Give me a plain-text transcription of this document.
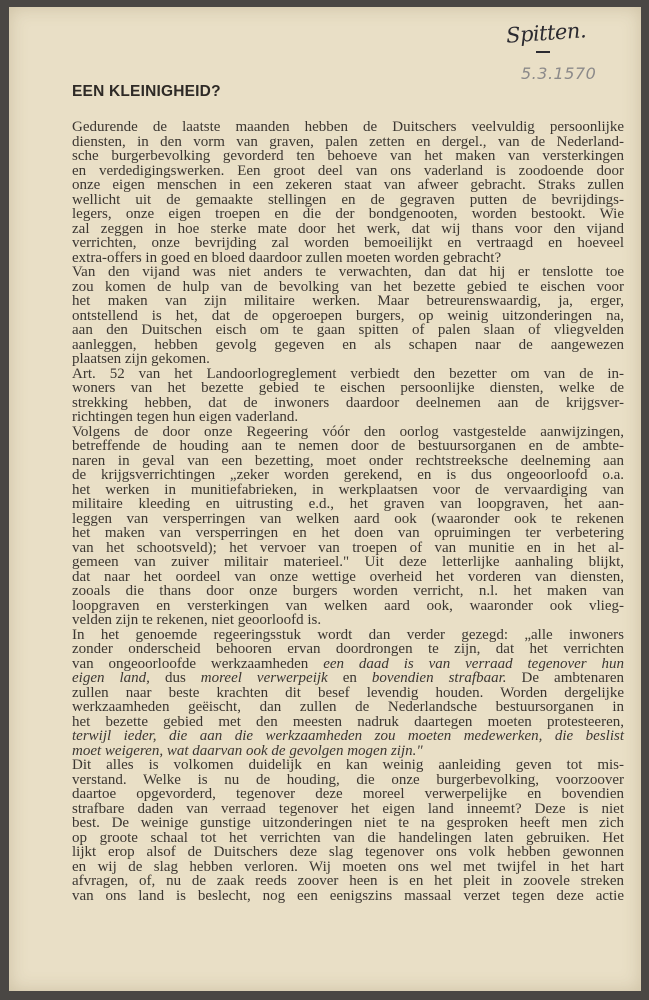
Spitten.
5.3.1570
EEN KLEINIGHEID?
Gedurende de laatste maanden hebben de Duitschers veelvuldig persoonlijke
diensten, in den vorm van graven, palen zetten en dergel., van de Nederland-
sche burgerbevolking gevorderd ten behoeve van het maken van versterkingen
en verdedigingswerken. Een groot deel van ons vaderland is zoodoende door
onze eigen menschen in een zekeren staat van afweer gebracht. Straks zullen
wellicht uit de gemaakte stellingen en de gegraven putten de bevrijdings-
legers, onze eigen troepen en die der bondgenooten, worden bestookt. Wie
zal zeggen in hoe sterke mate door het werk, dat wij thans voor den vijand
verrichten, onze bevrijding zal worden bemoeilijkt en vertraagd en hoeveel
extra-offers in goed en bloed daardoor zullen moeten worden gebracht?
Van den vijand was niet anders te verwachten, dan dat hij er tenslotte toe
zou komen de hulp van de bevolking van het bezette gebied te eischen voor
het maken van zijn militaire werken. Maar betreurenswaardig, ja, erger,
ontstellend is het, dat de opgeroepen burgers, op weinig uitzonderingen na,
aan den Duitschen eisch om te gaan spitten of palen slaan of vliegvelden
aanleggen, hebben gevolg gegeven en als schapen naar de aangewezen
plaatsen zijn gekomen.
Art. 52 van het Landoorlogreglement verbiedt den bezetter om van de in-
woners van het bezette gebied te eischen persoonlijke diensten, welke de
strekking hebben, dat de inwoners daardoor deelnemen aan de krijgsver-
richtingen tegen hun eigen vaderland.
Volgens de door onze Regeering vóór den oorlog vastgestelde aanwijzingen,
betreffende de houding aan te nemen door de bestuursorganen en de ambte-
naren in geval van een bezetting, moet onder rechtstreeksche deelneming aan
de krijgsverrichtingen „zeker worden gerekend, en is dus ongeoorloofd o.a.
het werken in munitiefabrieken, in werkplaatsen voor de vervaardiging van
militaire kleeding en uitrusting e.d., het graven van loopgraven, het aan-
leggen van versperringen van welken aard ook (waaronder ook te rekenen
het maken van versperringen en het doen van opruimingen ter verbetering
van het schootsveld); het vervoer van troepen of van munitie en in het al-
gemeen van zuiver militair materieel." Uit deze letterlijke aanhaling blijkt,
dat naar het oordeel van onze wettige overheid het vorderen van diensten,
zooals die thans door onze burgers worden verricht, n.l. het maken van
loopgraven en versterkingen van welken aard ook, waaronder ook vlieg-
velden zijn te rekenen, niet geoorloofd is.
In het genoemde regeeringsstuk wordt dan verder gezegd: „alle inwoners
zonder onderscheid behooren ervan doordrongen te zijn, dat het verrichten
van ongeoorloofde werkzaamheden een daad is van verraad tegenover hun
eigen land, dus moreel verwerpeijk en bovendien strafbaar. De ambtenaren
zullen naar beste krachten dit besef levendig houden. Worden dergelijke
werkzaamheden geëischt, dan zullen de Nederlandsche bestuursorganen in
het bezette gebied met den meesten nadruk daartegen moeten protesteeren,
terwijl ieder, die aan die werkzaamheden zou moeten medewerken, die beslist
moet weigeren, wat daarvan ook de gevolgen mogen zijn."
Dit alles is volkomen duidelijk en kan weinig aanleiding geven tot mis-
verstand. Welke is nu de houding, die onze burgerbevolking, voorzoover
daartoe opgevorderd, tegenover deze moreel verwerpelijke en bovendien
strafbare daden van verraad tegenover het eigen land inneemt? Deze is niet
best. De weinige gunstige uitzonderingen niet te na gesproken heeft men zich
op groote schaal tot het verrichten van die handelingen laten gebruiken. Het
lijkt erop alsof de Duitschers deze slag tegenover ons volk hebben gewonnen
en wij de slag hebben verloren. Wij moeten ons wel met twijfel in het hart
afvragen, of, nu de zaak reeds zoover heen is en het pleit in zoovele streken
van ons land is beslecht, nog een eenigszins massaal verzet tegen deze actie
